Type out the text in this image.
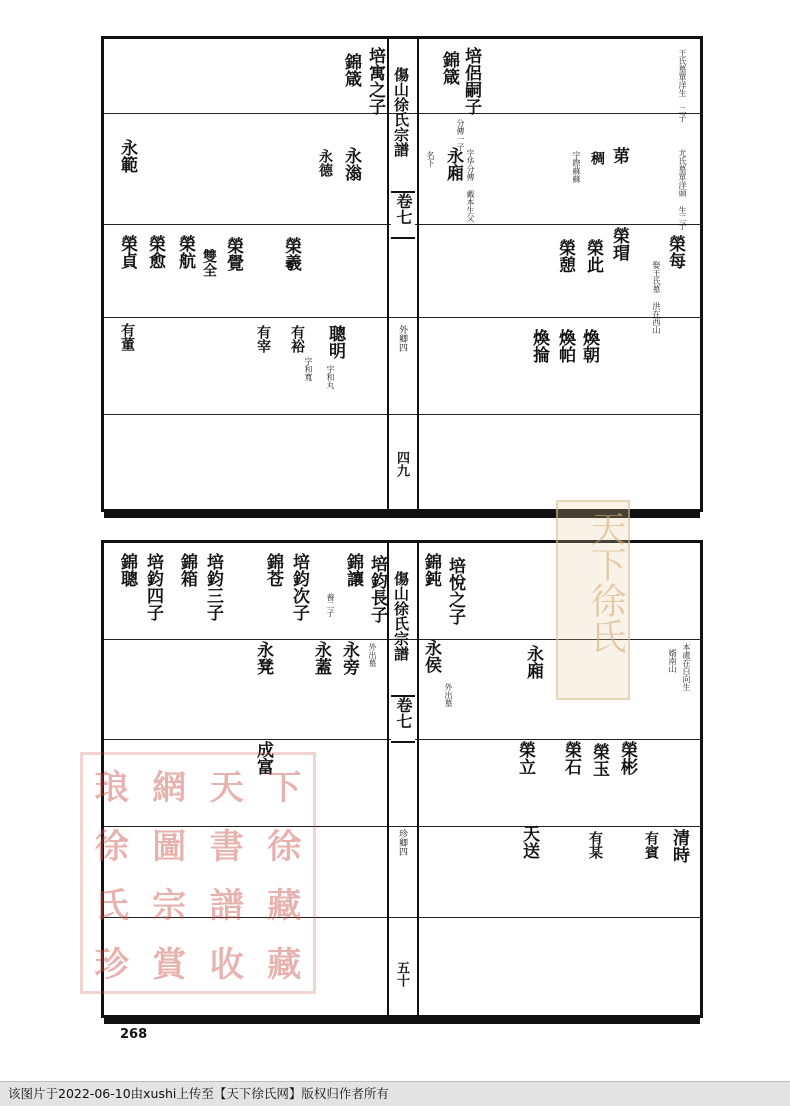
傷山徐氏宗譜
卷七
外卿四
四九
培侶嗣子
錦箴
分傳一子
永廂
名下	字华分傳 戴本生父	苐
稠
字際蘇蘇
榮瑁
榮此
榮憩	榮每
煥朝
煥帕
煥掄
王氏墓單洋生 二子
尤氏墓單洋頭 生二子
娶王氏墓 洪在西山
培寓之子
錦箴
永滃
永德
永範
榮羲
榮覺
雙全
榮航
榮愈
榮貞
聰明
有裕
有宰
有董
字和丸
字和寬
傷山徐氏宗譜
卷七
珍卿四
五十
培悅之子
錦鈍
永侯	永廂
外出墓
榮彬
榮玉
榮石
榮立
清時
有賓
有某
天送
本處在白向生
婿南山
培鈞長子
錦讓
培鈞次子
錦苍
培鈞三子
錦箱
培鈞四子
錦聰
永旁
永蓋
永凳
成富
外出墓
養二子	天下徐氏
琅 網 天 下
徐 圖 書 徐
氏 宗 譜 藏
珍 賞 收 藏
268
该图片于2022-06-10由xushi上传至【天下徐氏网】版权归作者所有
